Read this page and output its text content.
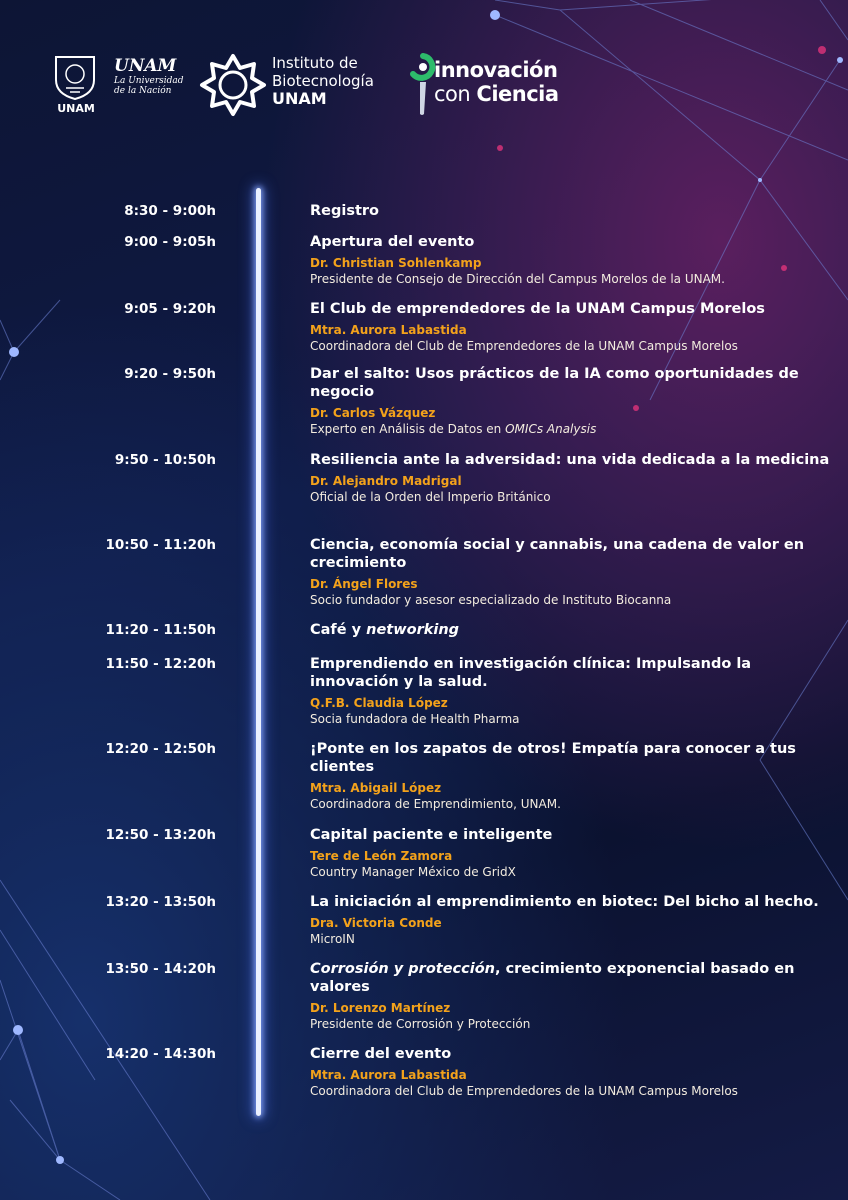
UNAM
UNAM
La Universidad
de la Nación
Instituto de
Biotecnología
UNAM
innovación
con Ciencia
8:30 - 9:00h	Registro
9:00 - 9:05h	Apertura del evento
Dr. Christian Sohlenkamp
Presidente de Consejo de Dirección del Campus Morelos de la UNAM.
9:05 - 9:20h	El Club de emprendedores de la UNAM Campus Morelos
Mtra. Aurora Labastida
Coordinadora del Club de Emprendedores de la UNAM Campus Morelos
9:20 - 9:50h	Dar el salto: Usos prácticos de la IA como oportunidades de negocio
Dr. Carlos Vázquez
Experto en Análisis de Datos en OMICs Analysis
9:50 - 10:50h	Resiliencia ante la adversidad: una vida dedicada a la medicina
Dr. Alejandro Madrigal
Oficial de la Orden del Imperio Británico
10:50 - 11:20h	Ciencia, economía social y cannabis, una cadena de valor en crecimiento
Dr. Ángel Flores
Socio fundador y asesor especializado de Instituto Biocanna
11:20 - 11:50h	Café y networking
11:50 - 12:20h	Emprendiendo en investigación clínica: Impulsando la innovación y la salud.
Q.F.B. Claudia López
Socia fundadora de Health Pharma
12:20 - 12:50h	¡Ponte en los zapatos de otros! Empatía para conocer a tus clientes
Mtra. Abigail López
Coordinadora de Emprendimiento, UNAM.
12:50 - 13:20h	Capital paciente e inteligente
Tere de León Zamora
Country Manager México de GridX
13:20 - 13:50h	La iniciación al emprendimiento en biotec: Del bicho al hecho.
Dra. Victoria Conde
MicroIN
13:50 - 14:20h	Corrosión y protección, crecimiento exponencial basado en valores
Dr. Lorenzo Martínez
Presidente de Corrosión y Protección
14:20 - 14:30h	Cierre del evento
Mtra. Aurora Labastida
Coordinadora del Club de Emprendedores de la UNAM Campus Morelos
